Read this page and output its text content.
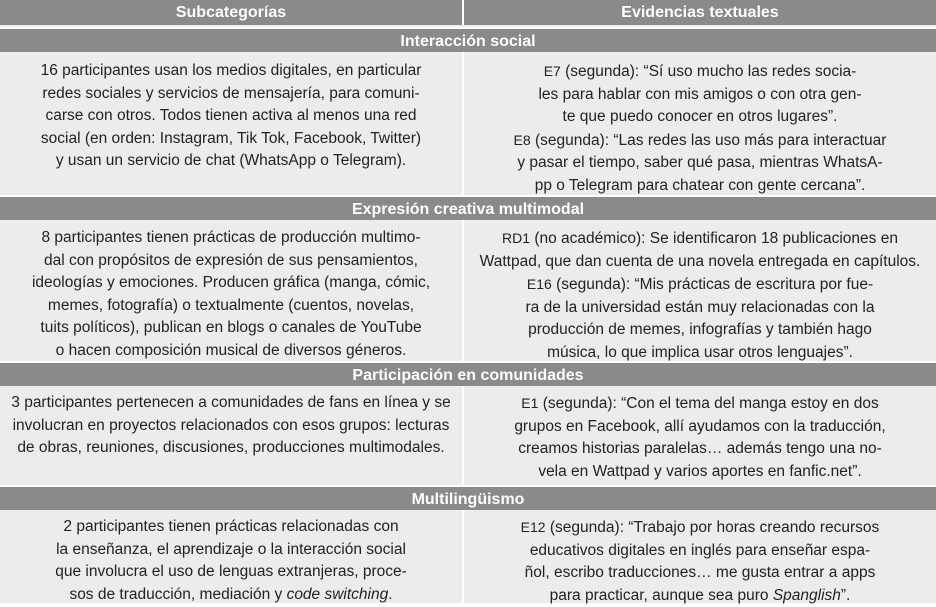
Subcategorías	Evidencias textuales
Interacción social
16 participantes usan los medios digitales, en particular
redes sociales y servicios de mensajería, para comuni-
carse con otros. Todos tienen activa al menos una red
social (en orden: Instagram, Tik Tok, Facebook, Twitter)
y usan un servicio de chat (WhatsApp o Telegram).
E7 (segunda): “Sí uso mucho las redes socia-
les para hablar con mis amigos o con otra gen-
te que puedo conocer en otros lugares”.
E8 (segunda): “Las redes las uso más para interactuar
y pasar el tiempo, saber qué pasa, mientras WhatsA-
pp o Telegram para chatear con gente cercana”.
Expresión creativa multimodal
8 participantes tienen prácticas de producción multimo-
dal con propósitos de expresión de sus pensamientos,
ideologías y emociones. Producen gráfica (manga, cómic,
memes, fotografía) o textualmente (cuentos, novelas,
tuits políticos), publican en blogs o canales de YouTube
o hacen composición musical de diversos géneros.
RD1 (no académico): Se identificaron 18 publicaciones en
Wattpad, que dan cuenta de una novela entregada en capítulos.
E16 (segunda): “Mis prácticas de escritura por fue-
ra de la universidad están muy relacionadas con la
producción de memes, infografías y también hago
música, lo que implica usar otros lenguajes”.
Participación en comunidades
3 participantes pertenecen a comunidades de fans en línea y se
involucran en proyectos relacionados con esos grupos: lecturas
de obras, reuniones, discusiones, producciones multimodales.
E1 (segunda): “Con el tema del manga estoy en dos
grupos en Facebook, allí ayudamos con la traducción,
creamos historias paralelas… además tengo una no-
vela en Wattpad y varios aportes en fanfic.net”.
Multilingüismo
2 participantes tienen prácticas relacionadas con
la enseñanza, el aprendizaje o la interacción social
que involucra el uso de lenguas extranjeras, proce-
sos de traducción, mediación y code switching.
E12 (segunda): “Trabajo por horas creando recursos
educativos digitales en inglés para enseñar espa-
ñol, escribo traducciones… me gusta entrar a apps
para practicar, aunque sea puro Spanglish”.
